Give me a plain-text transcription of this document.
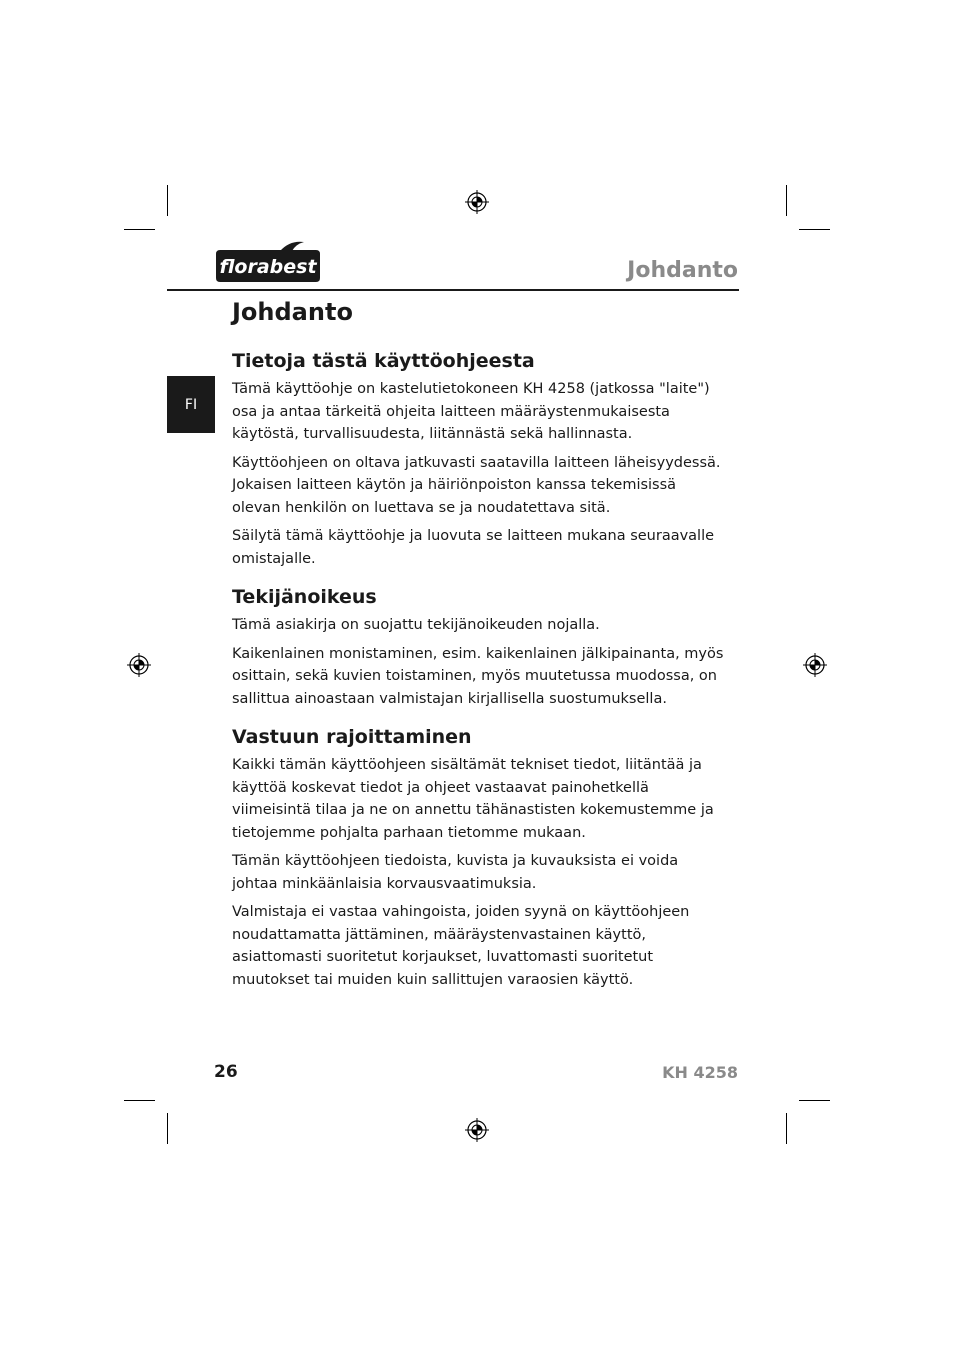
florabest	Johdanto
FI
Johdanto
Tietoja tästä käyttöohjeesta

Tämä käyttöohje on kastelutietokoneen KH 4258 (jatkossa "laite") osa ja antaa tärkeitä ohjeita laitteen määräystenmukaisesta käytöstä, turvallisuudesta, liitännästä sekä hallinnasta.

Käyttöohjeen on oltava jatkuvasti saatavilla laitteen läheisyydessä. Jokaisen laitteen käytön ja häiriönpoiston kanssa tekemisissä olevan henkilön on luettava se ja noudatettava sitä.

Säilytä tämä käyttöohje ja luovuta se laitteen mukana seuraavalle omistajalle.

Tekijänoikeus

Tämä asiakirja on suojattu tekijänoikeuden nojalla.

Kaikenlainen monistaminen, esim. kaikenlainen jälkipainanta, myös osittain, sekä kuvien toistaminen, myös muutetussa muodossa, on sallittua ainoastaan valmistajan kirjallisella suostumuksella.

Vastuun rajoittaminen

Kaikki tämän käyttöohjeen sisältämät tekniset tiedot, liitäntää ja käyttöä koskevat tiedot ja ohjeet vastaavat painohetkellä viimeisintä tilaa ja ne on annettu tähänastisten kokemustemme ja tietojemme pohjalta parhaan tietomme mukaan.

Tämän käyttöohjeen tiedoista, kuvista ja kuvauksista ei voida johtaa minkäänlaisia korvausvaatimuksia.

Valmistaja ei vastaa vahingoista, joiden syynä on käyttöohjeen noudattamatta jättäminen, määräystenvastainen käyttö, asiattomasti suoritetut korjaukset, luvattomasti suoritetut muutokset tai muiden kuin sallittujen varaosien käyttö.

26	KH 4258
